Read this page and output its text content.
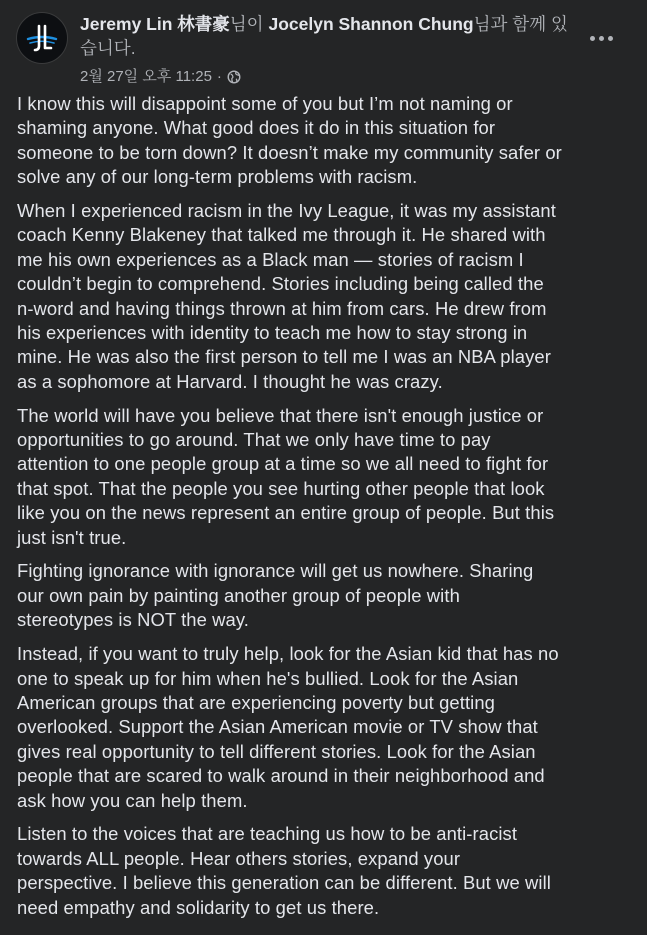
Jeremy Lin 林書豪님이 Jocelyn Shannon Chung님과 함께 있습니다.
2월 27일 오후 11:25 ·

I know this will disappoint some of you but I’m not naming or
shaming anyone. What good does it do in this situation for
someone to be torn down? It doesn’t make my community safer or
solve any of our long-term problems with racism.

When I experienced racism in the Ivy League, it was my assistant
coach Kenny Blakeney that talked me through it. He shared with
me his own experiences as a Black man — stories of racism I
couldn’t begin to comprehend. Stories including being called the
n-word and having things thrown at him from cars. He drew from
his experiences with identity to teach me how to stay strong in
mine. He was also the first person to tell me I was an NBA player
as a sophomore at Harvard. I thought he was crazy.

The world will have you believe that there isn't enough justice or
opportunities to go around. That we only have time to pay
attention to one people group at a time so we all need to fight for
that spot. That the people you see hurting other people that look
like you on the news represent an entire group of people. But this
just isn't true.

Fighting ignorance with ignorance will get us nowhere. Sharing
our own pain by painting another group of people with
stereotypes is NOT the way.

Instead, if you want to truly help, look for the Asian kid that has no
one to speak up for him when he's bullied. Look for the Asian
American groups that are experiencing poverty but getting
overlooked. Support the Asian American movie or TV show that
gives real opportunity to tell different stories. Look for the Asian
people that are scared to walk around in their neighborhood and
ask how you can help them.

Listen to the voices that are teaching us how to be anti-racist
towards ALL people. Hear others stories, expand your
perspective. I believe this generation can be different. But we will
need empathy and solidarity to get us there.
